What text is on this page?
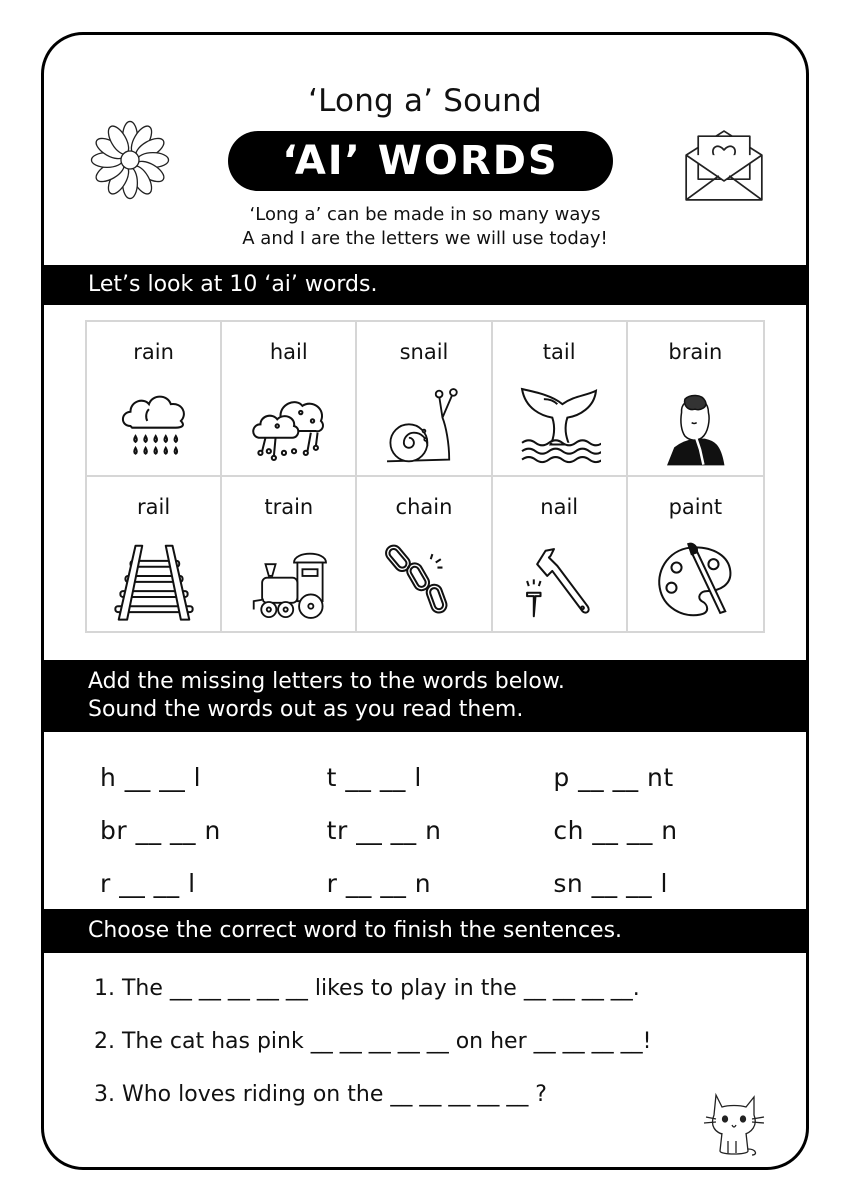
‘Long a’ Sound
‘AI’ WORDS
‘Long a’ can be made in so many ways
A and I are the letters we will use today!
Let’s look at 10 ‘ai’ words.
rain	hail	snail	tail	brain
rail	train	chain	nail	paint
Add the missing letters to the words below.
Sound the words out as you read them.
h __ __ l	t __ __ l	p __ __ nt
br __ __ n	tr __ __ n	ch __ __ n
r __ __ l	r __ __ n	sn __ __ l
Choose the correct word to finish the sentences.
1. The __ __ __ __ __ likes to play in the __ __ __ __.
2. The cat has pink __ __ __ __ __ on her __ __ __ __!
3. Who loves riding on the __ __ __ __ __ ?
